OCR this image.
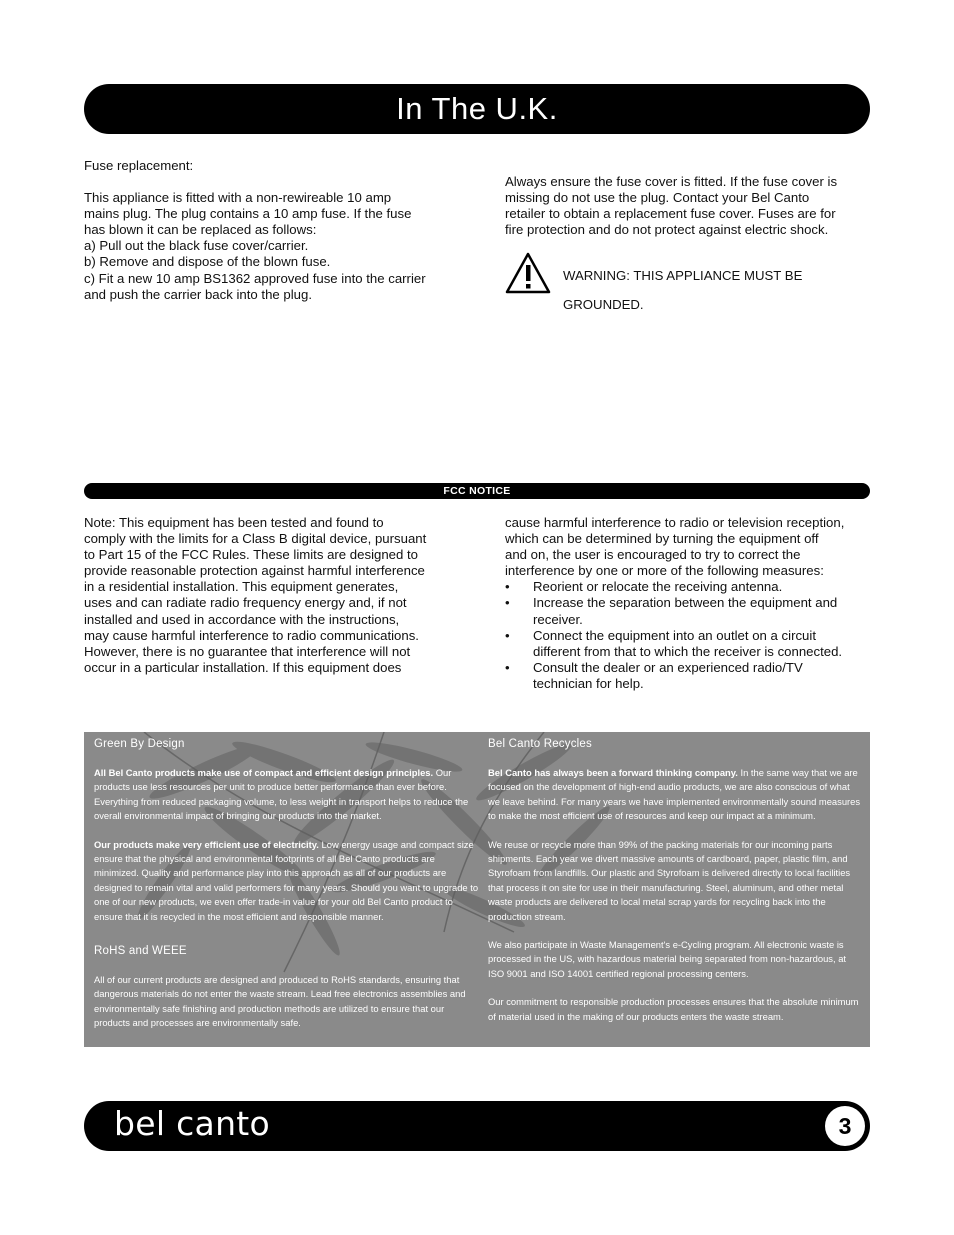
In The U.K.

Fuse replacement:

This appliance is fitted with a non-rewireable 10 amp

mains plug. The plug contains a 10 amp fuse. If the fuse

has blown it can be replaced as follows:

a) Pull out the black fuse cover/carrier.

b) Remove and dispose of the blown fuse.

c) Fit a new 10 amp BS1362 approved fuse into the carrier

and push the carrier back into the plug.

Always ensure the fuse cover is fitted. If the fuse cover is

missing do not use the plug. Contact your Bel Canto

retailer to obtain a replacement fuse cover. Fuses are for

fire protection and do not protect against electric shock.

WARNING: THIS APPLIANCE MUST BE

GROUNDED.

FCC NOTICE

Note: This equipment has been tested and found to

comply with the limits for a Class B digital device, pursuant

to Part 15 of the FCC Rules. These limits are designed to

provide reasonable protection against harmful interference

in a residential installation. This equipment generates,

uses and can radiate radio frequency energy and, if not

installed and used in accordance with the instructions,

may cause harmful interference to radio communications.

However, there is no guarantee that interference will not

occur in a particular installation. If this equipment does

cause harmful interference to radio or television reception,

which can be determined by turning the equipment off

and on, the user is encouraged to try to correct the

interference by one or more of the following measures:

• Reorient or relocate the receiving antenna.

• Increase the separation between the equipment and

receiver.

• Connect the equipment into an outlet on a circuit

different from that to which the receiver is connected.

• Consult the dealer or an experienced radio/TV

technician for help.

Green By Design

All Bel Canto products make use of compact and efficient design principles. Our products use less resources per unit to produce better performance than ever before. Everything from reduced packaging volume, to less weight in transport helps to reduce the overall environmental impact of bringing our products into the market.

Our products make very efficient use of electricity. Low energy usage and compact size ensure that the physical and environmental footprints of all Bel Canto products are minimized. Quality and performance play into this approach as all of our products are designed to remain vital and valid performers for many years. Should you want to upgrade to one of our new products, we even offer trade-in value for your old Bel Canto product to ensure that it is recycled in the most efficient and responsible manner.

RoHS and WEEE

All of our current products are designed and produced to RoHS standards, ensuring that dangerous materials do not enter the waste stream. Lead free electronics assemblies and environmentally safe finishing and production methods are utilized to ensure that our products and processes are environmentally safe.

Bel Canto Recycles

Bel Canto has always been a forward thinking company. In the same way that we are focused on the development of high-end audio products, we are also conscious of what we leave behind. For many years we have implemented environmentally sound measures to make the most efficient use of resources and keep our impact at a minimum.

We reuse or recycle more than 99% of the packing materials for our incoming parts shipments. Each year we divert massive amounts of cardboard, paper, plastic film, and Styrofoam from landfills. Our plastic and Styrofoam is delivered directly to local facilities that process it on site for use in their manufacturing. Steel, aluminum, and other metal waste products are delivered to local metal scrap yards for recycling back into the production stream.

We also participate in Waste Management's e-Cycling program. All electronic waste is processed in the US, with hazardous material being separated from non-hazardous, at ISO 9001 and ISO 14001 certified regional processing centers.

Our commitment to responsible production processes ensures that the absolute minimum of material used in the making of our products enters the waste stream.

bel canto	3
